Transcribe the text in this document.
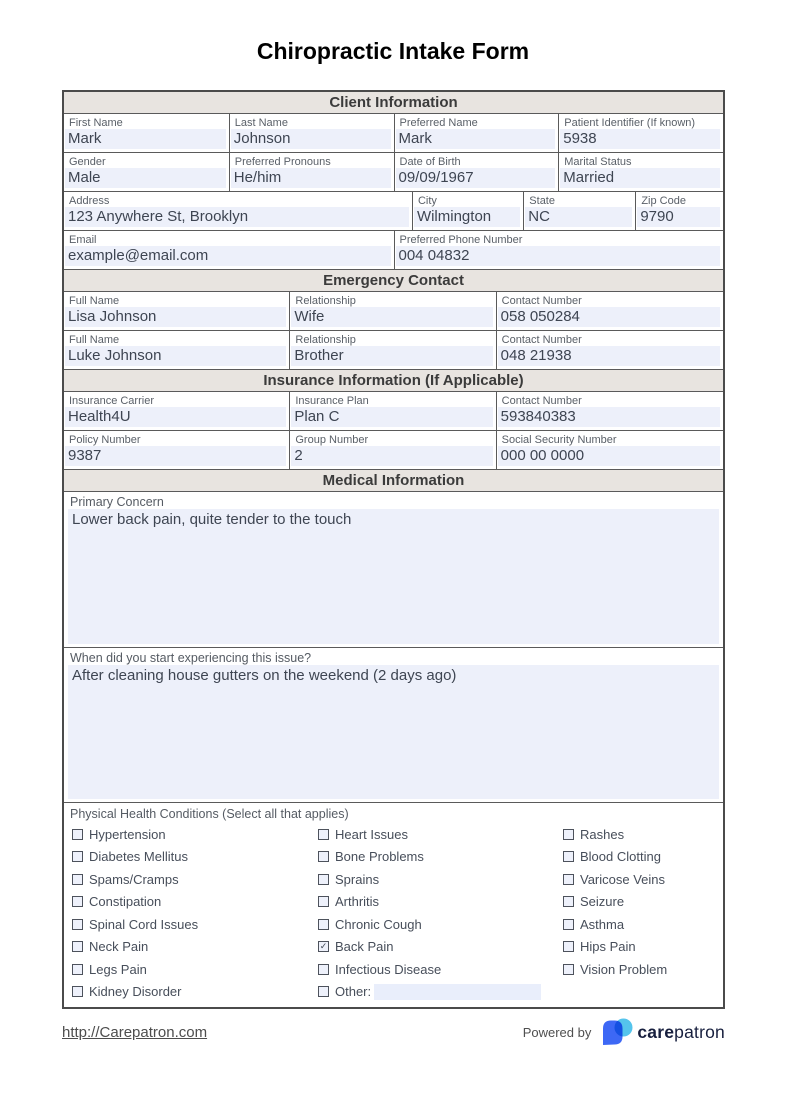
Chiropractic Intake Form
Client Information
First Name
Mark
Last Name
Johnson
Preferred Name
Mark
Patient Identifier (If known)
5938
Gender
Male
Preferred Pronouns
He/him
Date of Birth
09/09/1967
Marital Status
Married
Address
123 Anywhere St, Brooklyn
City
Wilmington
State
NC
Zip Code
9790
Email
example@email.com
Preferred Phone Number
004 04832
Emergency Contact
Full Name
Lisa Johnson
Relationship
Wife
Contact Number
058 050284
Full Name
Luke Johnson
Relationship
Brother
Contact Number
048 21938
Insurance Information (If Applicable)
Insurance Carrier
Health4U
Insurance Plan
Plan C
Contact Number
593840383
Policy Number
9387
Group Number
2
Social Security Number
000 00 0000
Medical Information
Primary Concern
Lower back pain, quite tender to the touch
When did you start experiencing this issue?
After cleaning house gutters on the weekend (2 days ago)
Physical Health Conditions (Select all that applies)
Hypertension
Diabetes Mellitus
Spams/Cramps
Constipation
Spinal Cord Issues
Neck Pain
Legs Pain
Kidney Disorder
Heart Issues
Bone Problems
Sprains
Arthritis
Chronic Cough
✓ Back Pain
Infectious Disease
Other:
Rashes
Blood Clotting
Varicose Veins
Seizure
Asthma
Hips Pain
Vision Problem
http://Carepatron.com	Powered by	carepatron
